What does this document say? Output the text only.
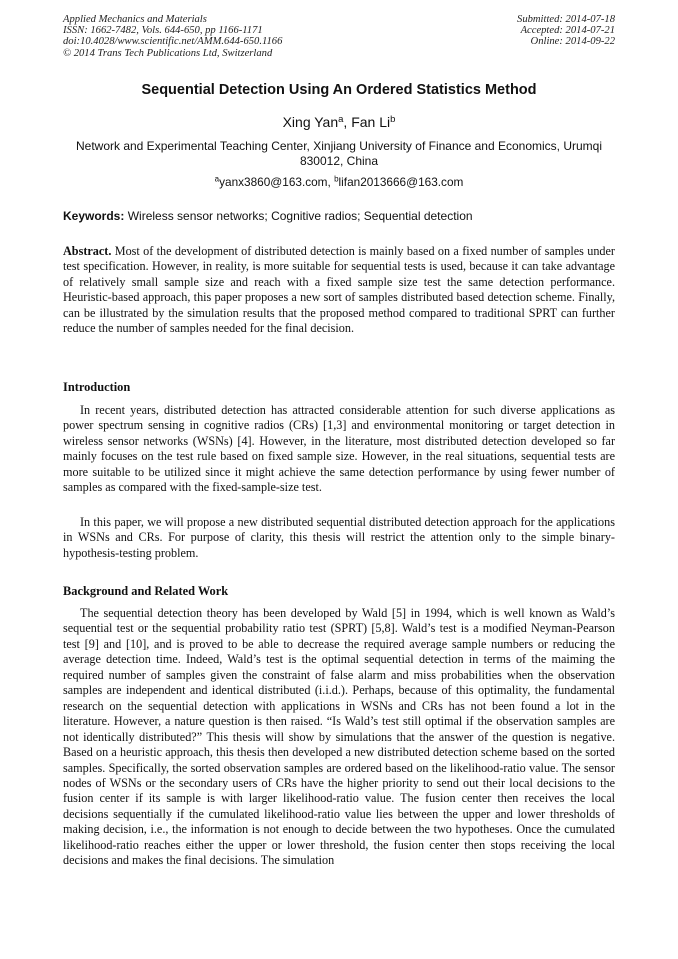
Applied Mechanics and Materials
ISSN: 1662-7482, Vols. 644-650, pp 1166-1171
doi:10.4028/www.scientific.net/AMM.644-650.1166
© 2014 Trans Tech Publications Ltd, Switzerland
Submitted: 2014-07-18
Accepted: 2014-07-21
Online: 2014-09-22
Sequential Detection Using An Ordered Statistics Method
Xing Yan$^a$, Fan Li$^b$
Network and Experimental Teaching Center, Xinjiang University of Finance and Economics, Urumqi 830012, China
$^a$yanx3860@163.com, $^b$lifan2013666@163.com
Keywords: Wireless sensor networks; Cognitive radios; Sequential detection
Abstract. Most of the development of distributed detection is mainly based on a fixed number of samples under test specification. However, in reality, is more suitable for sequential tests is used, because it can take advantage of relatively small sample size and reach with a fixed sample size test the same detection performance. Heuristic-based approach, this paper proposes a new sort of samples distributed based detection scheme. Finally, can be illustrated by the simulation results that the proposed method compared to traditional SPRT can further reduce the number of samples needed for the final decision.
Introduction
In recent years, distributed detection has attracted considerable attention for such diverse applications as power spectrum sensing in cognitive radios (CRs) [1,3] and environmental monitoring or target detection in wireless sensor networks (WSNs) [4]. However, in the literature, most distributed detection developed so far mainly focuses on the test rule based on fixed sample size. However, in the real situations, sequential tests are more suitable to be utilized since it might achieve the same detection performance by using fewer number of samples as compared with the fixed-sample-size test.
In this paper, we will propose a new distributed sequential distributed detection approach for the applications in WSNs and CRs. For purpose of clarity, this thesis will restrict the attention only to the simple binary-hypothesis-testing problem.
Background and Related Work
The sequential detection theory has been developed by Wald [5] in 1994, which is well known as Wald’s sequential test or the sequential probability ratio test (SPRT) [5,8]. Wald’s test is a modified Neyman-Pearson test [9] and [10], and is proved to be able to decrease the required average sample numbers or reducing the average detection time. Indeed, Wald’s test is the optimal sequential detection in terms of the maiming the required number of samples given the constraint of false alarm and miss probabilities when the observation samples are independent and identical distributed (i.i.d.). Perhaps, because of this optimality, the fundamental research on the sequential detection with applications in WSNs and CRs has not been found a lot in the literature. However, a nature question is then raised. “Is Wald’s test still optimal if the observation samples are not identically distributed?” This thesis will show by simulations that the answer of the question is negative. Based on a heuristic approach, this thesis then developed a new distributed detection scheme based on the sorted samples. Specifically, the sorted observation samples are ordered based on the likelihood-ratio value. The sensor nodes of WSNs or the secondary users of CRs have the higher priority to send out their local decisions to the fusion center if its sample is with larger likelihood-ratio value. The fusion center then receives the local decisions sequentially if the cumulated likelihood-ratio value lies between the upper and lower thresholds of making decision, i.e., the information is not enough to decide between the two hypotheses. Once the cumulated likelihood-ratio reaches either the upper or lower threshold, the fusion center then stops receiving the local decisions and makes the final decisions. The simulation
